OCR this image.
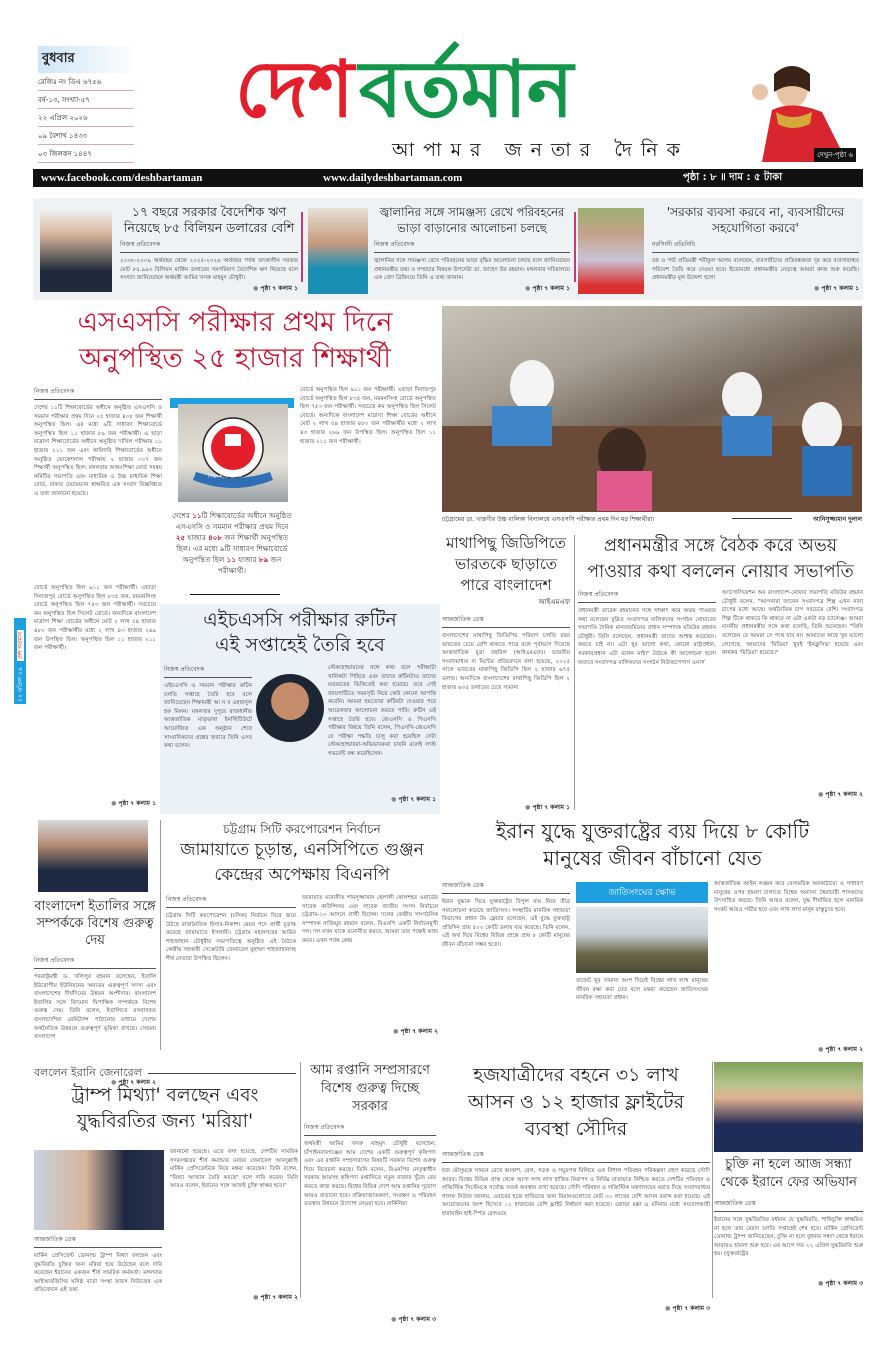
বুধবার
রেজিঃ নং ডিএ ৬৭৫৬
বর্ষ-১৩, সংখ্যা-৫৭
২২ এপ্রিল ২০২৬
০৯ বৈশাখ ১৪৩৩
০৩ জিলকদ ১৪৪৭
দেশ বর্তমান
আপামর জনতার দৈনিক	দেখুন-পৃষ্ঠা ৬
www.facebook.com/deshbartaman	www.dailydeshbartaman.com	পৃষ্ঠা : ৮ ॥ দাম : ৫ টাকা
১৭ বছরে সরকার বৈদেশিক ঋণ নিয়েছে ৮৫ বিলিয়ন ডলারের বেশি
নিজস্ব প্রতিবেদক
২০০৮-২০০৯ অর্থবছর থেকে ২০২৫-২০২৬ অর্থবছর পর্যন্ত তৎকালীন সরকার মোট ৮৫.৯৯৩ বিলিয়ন মার্কিন ডলারের সমপরিমাণ বৈদেশিক ঋণ নিয়েছে বলে সংসদে জানিয়েছেন অর্থমন্ত্রী আমির খসরু মাহমুদ চৌধুরী।
● পৃষ্ঠা ৭ কলাম ১
জ্বালানির সঙ্গে সামঞ্জস্য রেখে পরিবহনের ভাড়া বাড়ানোর আলোচনা চলছে
নিজস্ব প্রতিবেদক
জ্বালানির সঙ্গে সামঞ্জস্য রেখে পরিবহনের ভাড়া বৃদ্ধির আলোচনা চলছে বলে জানিয়েছেন প্রধানমন্ত্রীর তথ্য ও সম্প্রচার বিষয়ক উপদেষ্টা ডা. জাহেদ উর রহমান। মঙ্গলবার সচিবালয়ে এক প্রেস ব্রিফিংয়ে তিনি এ তথ্য জানান।
● পৃষ্ঠা ৭ কলাম ১
'সরকার ব্যবসা করবে না, ব্যবসায়ীদের সহযোগিতা করবে'
নরসিংদী প্রতিনিধি
বস্ত্র ও পাট প্রতিমন্ত্রী শরীফুল আলম বলেছেন, ব্যবসায়ীদের প্রতিবন্ধকতা দূর করে ব্যবসাবান্ধব পরিবেশ তৈরি করে দেওয়া হবে। ইতোমধ্যে প্রধানমন্ত্রীর নেতৃত্বে আমরা কাজ শুরু করেছি। প্রধানমন্ত্রীর মূল উদ্দেশ্য হলো
● পৃষ্ঠা ৭ কলাম ১
এসএসসি পরীক্ষার প্রথম দিনে
অনুপস্থিত ২৫ হাজার শিক্ষার্থী
নিজস্ব প্রতিবেদক
দেশের ১১টি শিক্ষাবোর্ডের অধীনে অনুষ্ঠিত এসএসসি ও সমমান পরীক্ষার প্রথম দিনে ২৫ হাজার ৪০৮ জন শিক্ষার্থী অনুপস্থিত ছিল। এর মধ্যে ৯টি সাধারণ শিক্ষাবোর্ডে অনুপস্থিত ছিল ১১ হাজার ৮৯ জন পরীক্ষার্থী। এ ছাড়া মাদ্রাসা শিক্ষাবোর্ডের অধীনে অনুষ্ঠিত দাখিল পরীক্ষায় ১১ হাজার ২১১ জন এবং কারিগরি শিক্ষাবোর্ডের অধীনে অনুষ্ঠিত ভোকেশনাল পরীক্ষায় ২ হাজার ৩০৭ জন শিক্ষার্থী অনুপস্থিত ছিল। মঙ্গলবার আন্তঃশিক্ষা বোর্ড সমন্বয় কমিটির সভাপতি এবং মাধ্যমিক ও উচ্চ মাধ্যমিক শিক্ষা বোর্ড, ঢাকার চেয়ারম্যান স্বাক্ষরিত এক সংবাদ বিজ্ঞপ্তিতে এ তথ্য জানানো হয়েছে।
শিক্ষা শক্তি প্রগতি
দেশের ১১টি শিক্ষাবোর্ডের অধীনে অনুষ্ঠিত এসএসসি ও সমমান পরীক্ষার প্রথম দিনে ২৫ হাজার ৪০৮ জন শিক্ষার্থী অনুপস্থিত ছিল। এর মধ্যে ৯টি সাধারণ শিক্ষাবোর্ডে অনুপস্থিত ছিল ১১ হাজার ৮৯ জন পরীক্ষার্থী।
বোর্ডে অনুপস্থিত ছিল ৯১১ জন পরীক্ষার্থী। এছাড়া দিনাজপুর বোর্ডে অনুপস্থিত ছিল ৮৩৫ জন, ময়মনসিংহ বোর্ডে অনুপস্থিত ছিল ৭৫৩ জন পরীক্ষার্থী। সবচেয়ে কম অনুপস্থিত ছিল সিলেট বোর্ডে। অন্যদিকে বাংলাদেশ মাদ্রাসা শিক্ষা বোর্ডের অধীনে মোট ২ লাখ ৫৪ হাজার ৪৮০ জন পরীক্ষার্থীর মধ্যে ২ লাখ ৪৩ হাজার ২৬৯ জন উপস্থিত ছিল। অনুপস্থিত ছিল ১১ হাজার ২১১ জন পরীক্ষার্থী।
চট্টগ্রামের ডা. খাস্তগীর উচ্চ বালিকা বিদ্যালয়ে এসএসসি পরীক্ষার প্রথম দিন মগ্ন শিক্ষার্থীরা।	আনিসুজ্জামান দুলাল
মাথাপিছু জিডিপিতে ভারতকে ছাড়াতে পারে বাংলাদেশ
আইএমএফ
আন্তর্জাতিক ডেস্ক
বাংলাদেশের মাথাপিছু জিডিপির পরিমাণ চলতি বছর ভারতের চেয়ে বেশি থাকতে পারে বলে পূর্বাভাস দিয়েছে আন্তর্জাতিক মুদ্রা তহবিল (আইএমএফ)। ভারতীয় সংবাদমাধ্যম দ্য মিন্টের প্রতিবেদনে বলা হয়েছে, ২০২৫ সালে ভারতের মাথাপিছু জিডিপি ছিল ২ হাজার ৬৭৫ ডলার। অন্যদিকে বাংলাদেশের মাথাপিছু জিডিপি ছিল ২ হাজার ৬৩৫ ডলারের চেয়ে সামান্য
● পৃষ্ঠা ৭ কলাম ১
প্রধানমন্ত্রীর সঙ্গে বৈঠক করে অভয়
পাওয়ার কথা বললেন নোয়াব সভাপতি
নিজস্ব প্রতিবেদক
প্রধানমন্ত্রী তারেক রহমানের সঙ্গে সাক্ষাৎ করে অভয় পাওয়ার কথা বলেছেন মুদ্রিত সংবাদপত্র মালিকদের সংগঠন নোয়াবের সভাপতি দৈনিক মানবজমিনের প্রধান সম্পাদক মতিউর রহমান চৌধুরী। তিনি বলেছেন, প্রধানমন্ত্রী তাদের আশ্বস্ত করেছেন। করতে চাই না। এটা খুব ভালো কথা, কোনো রাষ্ট্রপ্রধান, সরকারপ্রধান এটা বলেন নাই।" বৈঠকে কী আলোচনা হলো জবাবে সংবাদপত্র মালিকদের সংগঠন নিউজপেপার্স ওনার্স
অ্যাসোসিয়েশন অব বাংলাদেশ-নোয়াব সভাপতি মতিউর রহমান চৌধুরী বলেন, "আপনারা জানেন সংবাদপত্র শিল্প এখন নানা চাপের মধ্যে আছে। অর্থনৈতিক চাপ সবচেয়ে বেশি। সংবাদপত্র শিল্প টিকে থাকবে কি থাকবে না এটা একটা বড় চ্যালেঞ্জ। আমরা মাননীয় প্রধানমন্ত্রীর সঙ্গে কথা বলেছি, তিনি শুনেছেন। "তিনি বলেছেন যে আমরা সে পথে যাব না। আমাদের কাছে খুব ভালো লেগেছে, আমাদের 'মিডিয়া' খুবই 'ইনক্লুসিভ' হয়েছে এবং কার্যকর 'মিডিয়া' হয়েছে।"
● পৃষ্ঠা ৭ কলাম ২
এইচএসসি পরীক্ষার রুটিন
এই সপ্তাহেই তৈরি হবে
নিজস্ব প্রতিবেদক
এইচএসসি ও সমমান পরীক্ষার রুটিন চলতি সপ্তাহে তৈরি হবে বলে জানিয়েছেন শিক্ষামন্ত্রী আ ন ম এহছানুল হক মিলন। মঙ্গলবার দুপুরে রাজধানীর আন্তর্জাতিক মাতৃভাষা ইনস্টিটিউটে আয়োজিত এক অনুষ্ঠান শেষে সাংবাদিকদের প্রশ্নের জবাবে তিনি এসব কথা বলেন।
স্টেকহোল্ডারদের সঙ্গে কথা বলে পরীক্ষাটা খানিকটা পিছিয়ে এবং তাদের রুটিনটাও তাদের মতামতের ভিত্তিতেই করা হয়েছে। তবে সেই জায়গাটিতে সময়সূচি নিয়ে কেউ কোনো আপত্তি করেনি। আমরা হয়তোবা রুটিনটা দেওয়ার পরে আরেকবার আলোচনা করতে পারি। রুটিন এই সপ্তাহে তৈরি হবে। জেএসসি ও পিএসসি পরীক্ষার বিষয়ে তিনি বলেন, পিএসসি-জেএসসি যে পরীক্ষা পদ্ধতি চালু করা হয়েছিল সেটা স্টেকহোল্ডাররা-অভিভাবকরা চায়নি বলেই লাস্ট গভর্মেন্ট বন্ধ করেছিলেন।
● পৃষ্ঠা ৭ কলাম ১
বোর্ডে অনুপস্থিত ছিল ৯১১ জন পরীক্ষার্থী। এছাড়া দিনাজপুর বোর্ডে অনুপস্থিত ছিল ৮৩৫ জন, ময়মনসিংহ বোর্ডে অনুপস্থিত ছিল ৭৫৩ জন পরীক্ষার্থী। সবচেয়ে কম অনুপস্থিত ছিল সিলেট বোর্ডে। অন্যদিকে বাংলাদেশ মাদ্রাসা শিক্ষা বোর্ডের অধীনে মোট ২ লাখ ৫৪ হাজার ৪৮০ জন পরীক্ষার্থীর মধ্যে ২ লাখ ৪৩ হাজার ২৬৯ জন উপস্থিত ছিল। অনুপস্থিত ছিল ১১ হাজার ২১১ জন পরীক্ষার্থী।
● পৃষ্ঠা ৭ কলাম ১
২২ এপ্রিল ২৬ দেশ বর্তমান
বাংলাদেশ ইতালির সঙ্গে সম্পর্ককে বিশেষ গুরুত্ব দেয়
নিজস্ব প্রতিবেদক
পররাষ্ট্রমন্ত্রী ড. খলিলুর রহমান বলেছেন, ইতালি ইউরোপীয় ইউনিয়নের অন্যতম গুরুত্বপূর্ণ সদস্য এবং বাংলাদেশের দীর্ঘদিনের উন্নয়ন অংশীদার। বাংলাদেশ ইতালির সঙ্গে বিদ্যমান দ্বিপাক্ষিক সম্পর্ককে বিশেষ গুরুত্ব দেয়। তিনি বলেন, ইতালিতে বসবাসরত বাংলাদেশিরা রেমিট্যান্স পাঠানোর মাধ্যমে দেশের অর্থনৈতিক উন্নয়নে গুরুত্বপূর্ণ ভূমিকা রাখছে। সেজন্য বাংলাদেশ
● পৃষ্ঠা ৭ কলাম ২
চট্টগ্রাম সিটি করপোরেশন নির্বাচন
জামায়াতে চূড়ান্ত, এনসিপিতে গুঞ্জন
কেন্দ্রের অপেক্ষায় বিএনপি
নিজস্ব প্রতিবেদক
চট্টগ্রাম সিটি করপোরেশন (চসিক) নির্বাচন ঘিরে জমে উঠছে রাজনৈতিক হিসাব-নিকাশ। মেয়র পদে প্রার্থী চূড়ান্ত করেছে জামায়াতে ইসলামী। চট্টগ্রাম মহানগরের আমির শাহজাহান চৌধুরীর সভাপতিত্বে অনুষ্ঠিত এই বৈঠকে কেন্দ্রীয় সহকারী সেক্রেটারি জেনারেল মুহাম্মদ শাহজাহানসহ শীর্ষ নেতারা উপস্থিত ছিলেন।
জামায়াত মনোনীত শামসুজ্জামান হেলালী ষোলশহর ওয়ার্ডের সাবেক কাউন্সিলর এবং সাবেক জাতীয় সংসদ নির্বাচনে চট্টগ্রাম-১০ আসনে প্রার্থী ছিলেন। দলের কেন্দ্রীয় সাংগঠনিক সম্পাদক নাজিমুর রহমান বলেন, বিএনপি একটি নির্বাচনমুখী দল। দল যখন যাকে মনোনীত করবে, আমরা তার পক্ষেই কাজ করব। এখন পর্যন্ত কেন্দ্র
● পৃষ্ঠা ৭ কলাম ২
ইরান যুদ্ধে যুক্তরাষ্ট্রের ব্যয় দিয়ে ৮ কোটি
মানুষের জীবন বাঁচানো যেত
আন্তর্জাতিক ডেস্ক
ইরান যুদ্ধকে ঘিরে যুক্তরাষ্ট্রের বিপুল ব্যয় নিয়ে তীব্র সমালোচনা করেছে জাতিসংঘ। সংস্থাটির মানবিক সহায়তা বিভাগের প্রধান টম ফ্লেচার বলেছেন, এই যুদ্ধে যুক্তরাষ্ট্র প্রতিদিন প্রায় ৫০০ কোটি ডলার ব্যয় করেছে। তিনি বলেন, এই অর্থ দিয়ে বিশ্বের বিভিন্ন প্রান্তে প্রায় ৮ কোটি মানুষের জীবন বাঁচানো সম্ভব হতো।
জাতিসংঘের ক্ষোভ
বাজেট খুব সামান্য অংশ দিয়েই বিশ্বের লাখ লাখ মানুষের জীবন রক্ষা করা যেত বলে মন্তব্য করেছেন জাতিসংঘের মানবিক সহায়তা প্রধান।
আন্তর্জাতিক আইন লঙ্ঘন করে বেসামরিক অবকাঠামো ও সাধারণ মানুষের ওপর হামলা চালাতে বিশ্বের অন্যান্য স্বৈরাচারী শাসকদের উৎসাহিত করছে। তিনি আরও বলেন, যুদ্ধ দীর্ঘায়িত হলে মানবিক সংকট আরও গভীর হবে এবং লাখ লাখ মানুষ বাস্তুচ্যুত হবে।
● পৃষ্ঠা ৭ কলাম ২
বললেন ইরানি জেনারেল
ট্রাম্প মিথ্যা' বলছেন এবং
যুদ্ধবিরতির জন্য 'মরিয়া'
আন্তর্জাতিক ডেস্ক
মার্কিন প্রেসিডেন্ট ডোনাল্ড ট্রাম্প মিথ্যা বলছেন এবং যুদ্ধবিরতি চুক্তির জন্য মরিয়া হয়ে উঠেছেন বলে দাবি করেছেন ইরানের একজন শীর্ষ সামরিক কর্মকর্তা। মঙ্গলবার আইআরজিসির ঘনিষ্ঠ বার্তা সংস্থা ফারস নিউজের এক প্রতিবেদনে এই তথ্য
জানানো হয়েছে। এতে বলা হয়েছে, দেশটির সামরিক সদরদপ্তরের শীর্ষ কমান্ডার মেজর জেনারেল আবদুল্লাহি মার্কিন প্রেসিডেন্টকে নিয়ে মন্তব্য করেছেন। তিনি বলেন, "মিথ্যা আখ্যান তৈরি করছে" বলে দাবি করেন। তিনি আরও বলেন, ইরানের সঙ্গে আজই চুক্তি স্বাক্ষর হবে।"
● পৃষ্ঠা ৭ কলাম ২
আম রপ্তানি সম্প্রসারণে বিশেষ গুরুত্ব দিচ্ছে সরকার
নিজস্ব প্রতিবেদক
অর্থমন্ত্রী আমির খসরু মাহমুদ চৌধুরী বলেছেন, চাঁপাইনবাবগঞ্জের আম দেশের একটি গুরুত্বপূর্ণ কৃষিপণ্য এবং এর রপ্তানি সম্প্রসারণের বিষয়টি সরকার বিশেষ গুরুত্ব দিয়ে বিবেচনা করছে। তিনি বলেন, বিএনপির নেতৃত্বাধীন সরকার আমসহ কৃষিপণ্য রপ্তানিতে নতুন বাজার খুঁজে বের করতে কাজ করছে। বিশ্বের বিভিন্ন দেশে আম রপ্তানির সুযোগ আরও বাড়ানো হবে। প্রক্রিয়াজাতকরণ, সংরক্ষণ ও পরিবহন ব্যবস্থার উন্নয়নে উদ্যোগ নেওয়া হবে। মার্কিনিয়া
● পৃষ্ঠা ৭ কলাম ৩
হজযাত্রীদের বহনে ৩১ লাখ
আসন ও ১২ হাজার ফ্লাইটের
ব্যবস্থা সৌদির
আন্তর্জাতিক ডেস্ক
হজ মৌসুমকে সামনে রেখে আকাশ, রেল, সড়ক ও সমুদ্রপথ মিলিয়ে এক বিশাল পরিবহন পরিকল্পনা গ্রহণ করেছে সৌদি আরব। বিশ্বের বিভিন্ন প্রান্ত থেকে আসা লাখ লাখ হাজির নিরাপদ ও নির্বিঘ্ন যাতায়াত নিশ্চিত করতে দেশটির পরিবহন ও লজিস্টিক সিস্টেমকে সর্বোচ্চ সতর্ক অবস্থায় রাখা হয়েছে। সৌদি পরিবহন ও লজিস্টিক মন্ত্রণালয়ের বরাত দিয়ে সংবাদমাধ্যম গালফ নিউজ জানায়, এবারের হজে হাজিদের জন্য বিমানগুলোতে মোট ৩১ লাখের বেশি আসন বরাদ্দ করা হয়েছে। এই আয়োজনের অংশ হিসেবে ১২ হাজারের বেশি ফ্লাইট নির্ধারণ করা হয়েছে। এছাড়া মক্কা ও মদিনার মধ্যে সংযোগকারী হারামাইন হাই-স্পিড রেলওয়ে
● পৃষ্ঠা ৭ কলাম ৩
চুক্তি না হলে আজ সন্ধ্যা থেকে ইরানে ফের অভিযান
আন্তর্জাতিক ডেস্ক
ইরানের সঙ্গে যুদ্ধবিরতির বর্ধমান যে যুদ্ধবিরতি, শান্তিচুক্তি স্বাক্ষরিত না হলে তার মেয়াদ চলতি সপ্তাহেই শেষ হবে। মার্কিন প্রেসিডেন্ট ডোনাল্ড ট্রাম্প জানিয়েছেন, চুক্তি না হলে বুধবার সন্ধ্যা থেকে ইরানে আবারও হামলা শুরু হবে। এর আগে গত ২২ এপ্রিল যুদ্ধবিরতি শুরু হয়। (যুক্তরাষ্ট্রের
● পৃষ্ঠা ৭ কলাম ৩
